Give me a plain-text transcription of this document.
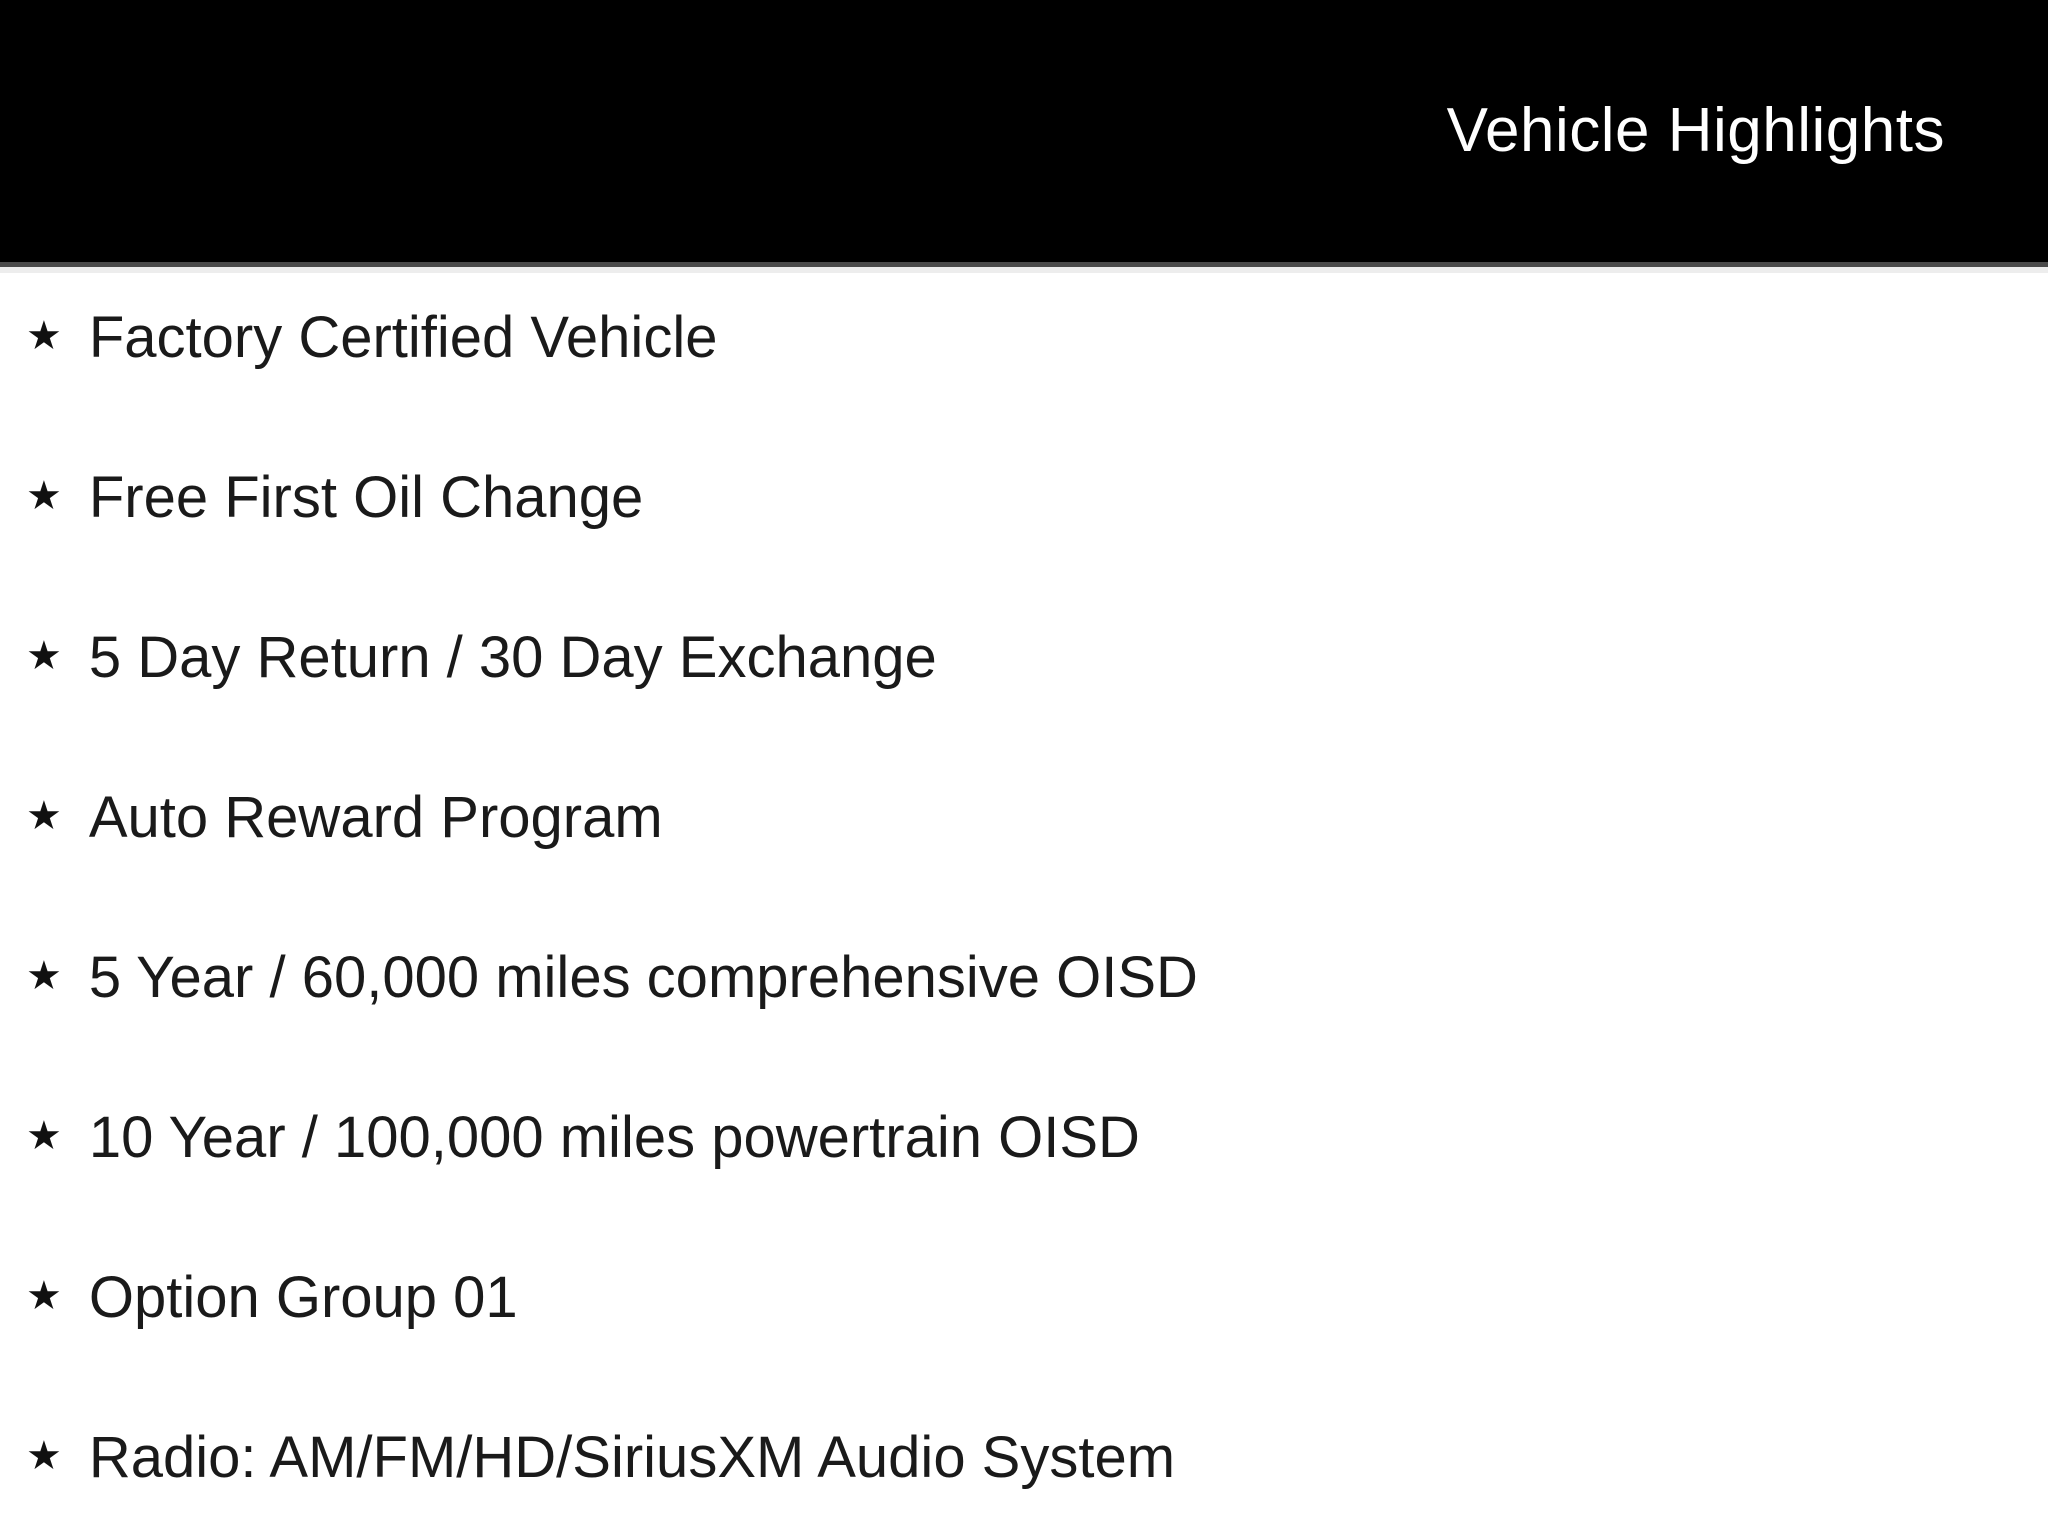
Vehicle Highlights
★ Factory Certified Vehicle
★ Free First Oil Change
★ 5 Day Return / 30 Day Exchange
★ Auto Reward Program
★ 5 Year / 60,000 miles comprehensive OISD
★ 10 Year / 100,000 miles powertrain OISD
★ Option Group 01
★ Radio: AM/FM/HD/SiriusXM Audio System
